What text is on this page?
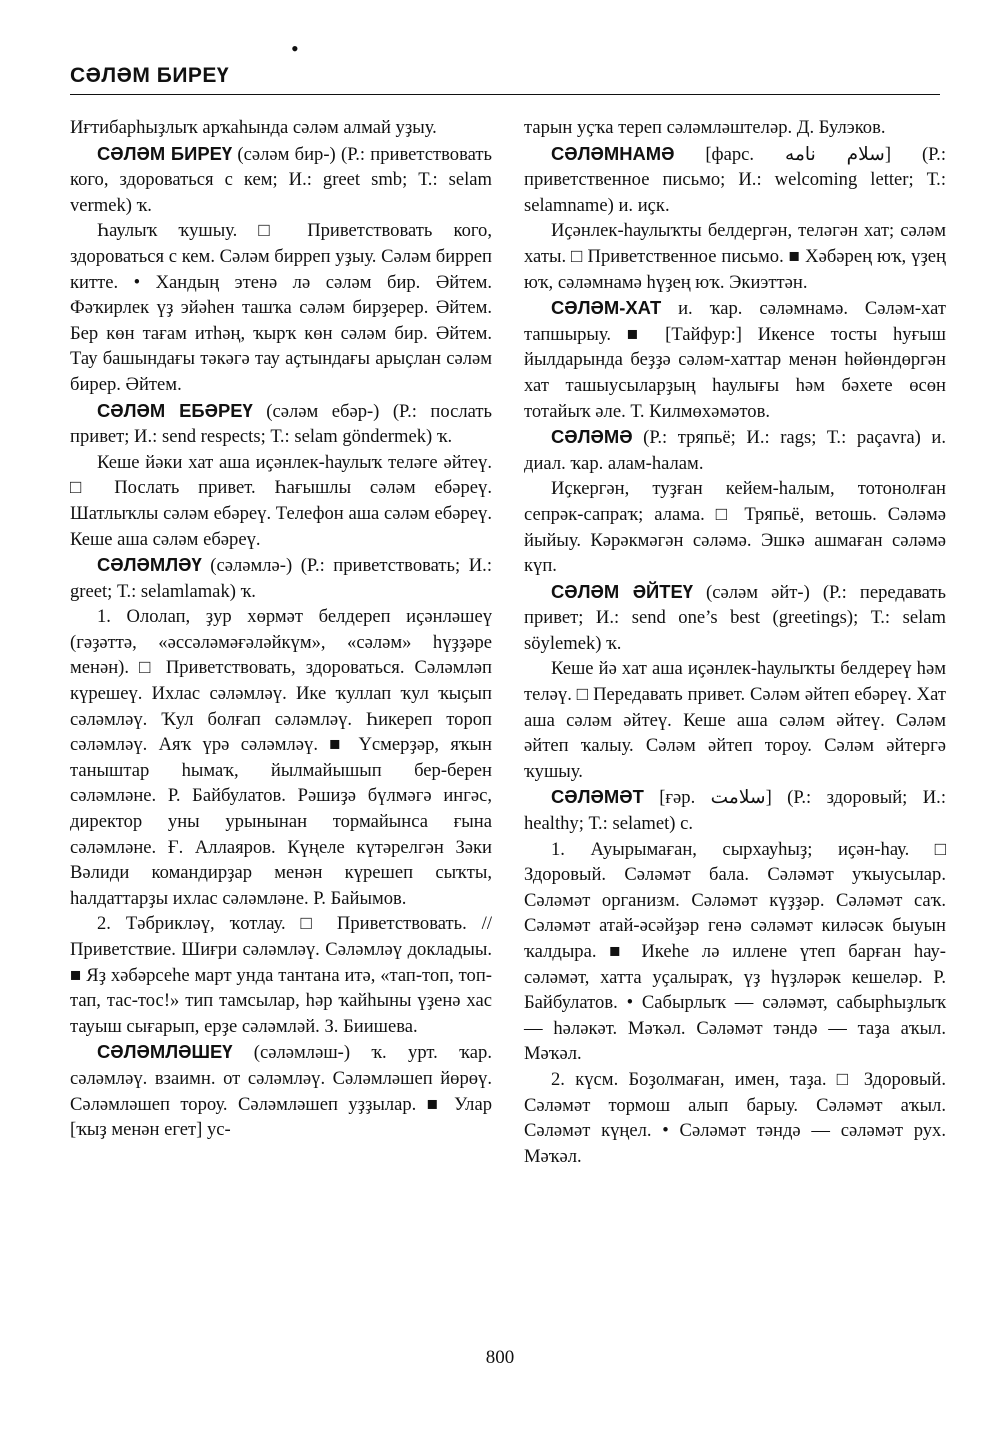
•
СӘЛӘМ БИРЕҮ

Иғтибарһыҙлыҡ арҡаһында сәләм алмай уҙыу.

СӘЛӘМ БИРЕҮ (сәләм бир-) (Р.: приветствовать кого, здороваться с кем; И.: greet smb; Т.: selam vermek) ҡ.

Һаулыҡ ҡушыу. □ Приветствовать кого, здороваться с кем. Сәләм бирреп уҙыу. Сәләм бирреп китте. • Хандың этенә лә сәләм бир. Әйтем. Фәҡирлек үҙ эйәһен ташҡа сәләм бирҙерер. Әйтем. Бер көн тағам итһәң, ҡырҡ көн сәләм бир. Әйтем. Тау башындағы тәкәгә тау аҫтындағы арыҫлан сәләм бирер. Әйтем.

СӘЛӘМ ЕБӘРЕҮ (сәләм ебәр-) (Р.: послать привет; И.: send respects; Т.: selam göndermek) ҡ.

Кеше йәки хат аша иҫәнлек-һаулыҡ теләге әйтеү. □ Послать привет. Һағышлы сәләм ебәреү. Шатлыҡлы сәләм ебәреү. Телефон аша сәләм ебәреү. Кеше аша сәләм ебәреү.

СӘЛӘМЛӘҮ (сәләмлә-) (Р.: приветствовать; И.: greet; Т.: selamlamak) ҡ.

1. Ололап, ҙур хөрмәт белдереп иҫәнләшеү (гәҙәттә, «әссәләмәғәләйкүм», «сәләм» һүҙҙәре менән). □ Приветствовать, здороваться. Сәләмләп күрешеү. Ихлас сәләмләү. Ике ҡуллап ҡул ҡыҫып сәләмләү. Ҡул болғап сәләмләү. Һикереп тороп сәләмләү. Аяҡ үрә сәләмләү. ■ Үсмерҙәр, яҡын таныштар һымаҡ, йылмайышып бер-берен сәләмләне. Р. Байбулатов. Рәшиҙә бүлмәгә ингәс, директор уны урынынан тормайынса ғына сәләмләне. Ғ. Аллаяров. Күңеле күтәрелгән Зәки Вәлиди командирҙар менән күрешеп сыҡты, һалдаттарҙы ихлас сәләмләне. Р. Байымов.

2. Тәбрикләү, ҡотлау. □ Приветствовать. // Приветствие. Шиғри сәләмләү. Сәләмләү докладыы. ■ Яҙ хәбәрсеһе март унда тантана итә, «тап-топ, топ-тап, тас-тос!» тип тамсылар, һәр ҡайһыны үҙенә хас тауыш сығарып, ерҙе сәләмләй. З. Биишева.

СӘЛӘМЛӘШЕҮ (сәләмләш-) ҡ. урт. ҡар. сәләмләү. взаимн. от сәләмләү. Сәләмләшеп йөрөү. Сәләмләшеп тороу. Сәләмләшеп уҙҙылар. ■ Улар [ҡыҙ менән егет] ус-

тарын уҫҡа тереп сәләмләштеләр. Д. Булэков.

СӘЛӘМНАМӘ [фарс. سلام نامه] (Р.: приветственное письмо; И.: welcoming letter; Т.: selamname) и. иҫк.

Иҫәнлек-һаулыҡты белдергән, теләгән хат; сәләм хаты. □ Приветственное письмо. ■ Хәбәрең юҡ, үҙең юҡ, сәләмнамә һүҙең юҡ. Экиэттән.

СӘЛӘМ-ХАТ и. ҡар. сәләмнамә. Сәләм-хат тапшырыу. ■ [Тайфур:] Икенсе тосты һуғыш йылдарында беҙҙә сәләм-хаттар менән һөйөндөргән хат ташыусыларҙың һаулығы һәм бәхете өсөн тотайыҡ әле. Т. Килмөхәмәтов.

СӘЛӘМӘ (Р.: тряпьё; И.: rags; Т.: paçavra) и. диал. ҡар. алам-һалам.

Иҫкергән, туҙған кейем-һалым, тотонолған сепрәк-сапраҡ; алама. □ Тряпьё, ветошь. Сәләмә йыйыу. Кәрәкмәгән сәләмә. Эшкә ашмаған сәләмә күп.

СӘЛӘМ ӘЙТЕҮ (сәләм әйт-) (Р.: передавать привет; И.: send one’s best (greetings); Т.: selam söylemek) ҡ.

Кеше йә хат аша иҫәнлек-һаулыҡты белдереү һәм теләү. □ Передавать привет. Сәләм әйтеп ебәреү. Хат аша сәләм әйтеү. Кеше аша сәләм әйтеү. Сәләм әйтеп ҡалыу. Сәләм әйтеп тороу. Сәләм әйтергә ҡушыу.

СӘЛӘМӘТ [ғәр. سلامت] (Р.: здоровый; И.: healthy; Т.: selamet) с.

1. Ауырымаған, сырхауһыҙ; иҫән-һау. □ Здоровый. Сәләмәт бала. Сәләмәт уҡыусылар. Сәләмәт организм. Сәләмәт күҙҙәр. Сәләмәт саҡ. Сәләмәт атай-әсәйҙәр генә сәләмәт киләсәк быуын ҡалдыра. ■ Икеһе лә иллене үтеп барған һау-сәләмәт, хатта уҫалыраҡ, үҙ һүҙләрәк кешеләр. Р. Байбулатов. • Сабырлыҡ — сәләмәт, сабырһыҙлыҡ — һәләкәт. Мәҡәл. Сәләмәт тәндә — таҙа аҡыл. Мәҡәл.

2. күсм. Боҙолмаған, имен, таҙа. □ Здоровый. Сәләмәт тормош алып барыу. Сәләмәт аҡыл. Сәләмәт күңел. • Сәләмәт тәндә — сәләмәт рух. Мәҡәл.

800
